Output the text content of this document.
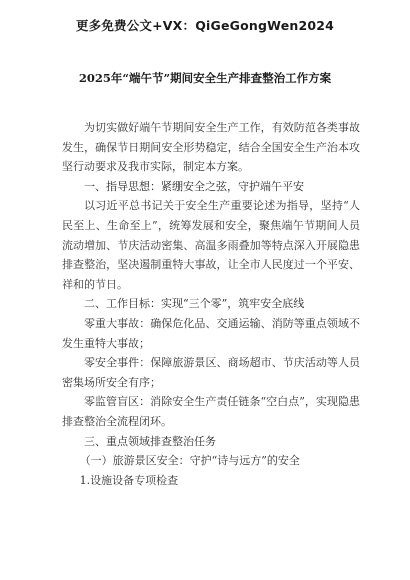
更多免费公文+VX：QiGeGongWen2024
2025年“端午节”期间安全生产排查整治工作方案

为切实做好端午节期间安全生产工作，有效防范各类事故发生，确保节日期间安全形势稳定，结合全国安全生产治本攻坚行动要求及我市实际，制定本方案。

一、指导思想：紧绷安全之弦，守护端午平安

以习近平总书记关于安全生产重要论述为指导，坚持“人民至上、生命至上”，统筹发展和安全，聚焦端午节期间人员流动增加、节庆活动密集、高温多雨叠加等特点深入开展隐患排查整治，坚决遏制重特大事故，让全市人民度过一个平安、祥和的节日。

二、工作目标：实现“三个零”，筑牢安全底线

零重大事故：确保危化品、交通运输、消防等重点领域不发生重特大事故；

零安全事件：保障旅游景区、商场超市、节庆活动等人员密集场所安全有序；

零监管盲区：消除安全生产责任链条“空白点”，实现隐患排查整治全流程闭环。

三、重点领域排查整治任务

（一）旅游景区安全：守护“诗与远方”的安全

1.设施设备专项检查
